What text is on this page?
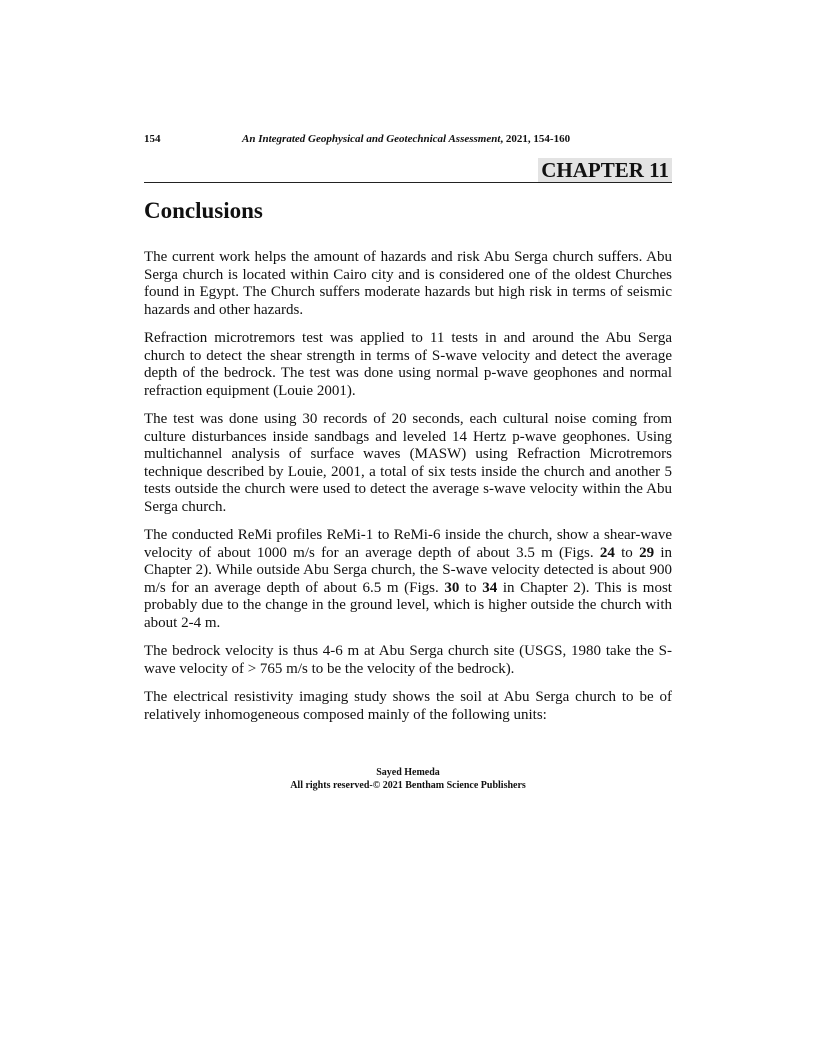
154	An Integrated Geophysical and Geotechnical Assessment, 2021, 154-160
CHAPTER 11
Conclusions

The current work helps the amount of hazards and risk Abu Serga church suffers. Abu Serga church is located within Cairo city and is considered one of the oldest Churches found in Egypt. The Church suffers moderate hazards but high risk in terms of seismic hazards and other hazards.

Refraction microtremors test was applied to 11 tests in and around the Abu Serga church to detect the shear strength in terms of S-wave velocity and detect the average depth of the bedrock. The test was done using normal p-wave geophones and normal refraction equipment (Louie 2001).

The test was done using 30 records of 20 seconds, each cultural noise coming from culture disturbances inside sandbags and leveled 14 Hertz p-wave geophones. Using multichannel analysis of surface waves (MASW) using Refraction Microtremors technique described by Louie, 2001, a total of six tests inside the church and another 5 tests outside the church were used to detect the average s-wave velocity within the Abu Serga church.

The conducted ReMi profiles ReMi-1 to ReMi-6 inside the church, show a shear-wave velocity of about 1000 m/s for an average depth of about 3.5 m (Figs. 24 to 29 in Chapter 2). While outside Abu Serga church, the S-wave velocity detected is about 900 m/s for an average depth of about 6.5 m (Figs. 30 to 34 in Chapter 2). This is most probably due to the change in the ground level, which is higher outside the church with about 2-4 m.

The bedrock velocity is thus 4-6 m at Abu Serga church site (USGS, 1980 take the S-wave velocity of > 765 m/s to be the velocity of the bedrock).

The electrical resistivity imaging study shows the soil at Abu Serga church to be of relatively inhomogeneous composed mainly of the following units:

Sayed Hemeda
All rights reserved-© 2021 Bentham Science Publishers
